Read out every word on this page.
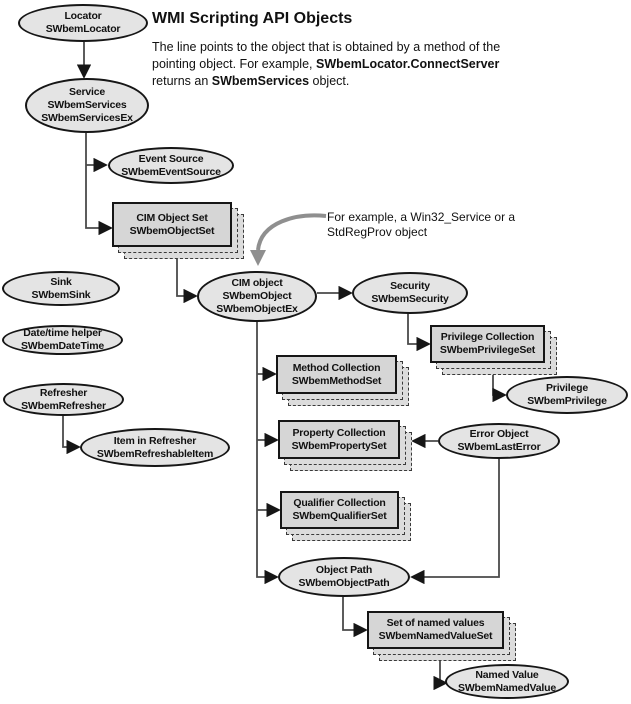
WMI Scripting API Objects
The line points to the object that is obtained by a method of the
pointing object. For example, SWbemLocator.ConnectServer
returns an SWbemServices object.
For example, a Win32_Service or a
StdRegProv object
Locator
SWbemLocator
Service
SWbemServices
SWbemServicesEx
Event Source
SWbemEventSource
Sink
SWbemSink
Date/time helper
SWbemDateTime
Refresher
SWbemRefresher
Item in Refresher
SWbemRefreshableItem
CIM object
SWbemObject
SWbemObjectEx
Security
SWbemSecurity
Privilege
SWbemPrivilege
Error Object
SWbemLastError
Object Path
SWbemObjectPath
Named Value
SWbemNamedValue
CIM Object Set
SWbemObjectSet
Privilege Collection
SWbemPrivilegeSet
Method Collection
SWbemMethodSet
Property Collection
SWbemPropertySet
Qualifier Collection
SWbemQualifierSet
Set of named values
SWbemNamedValueSet
